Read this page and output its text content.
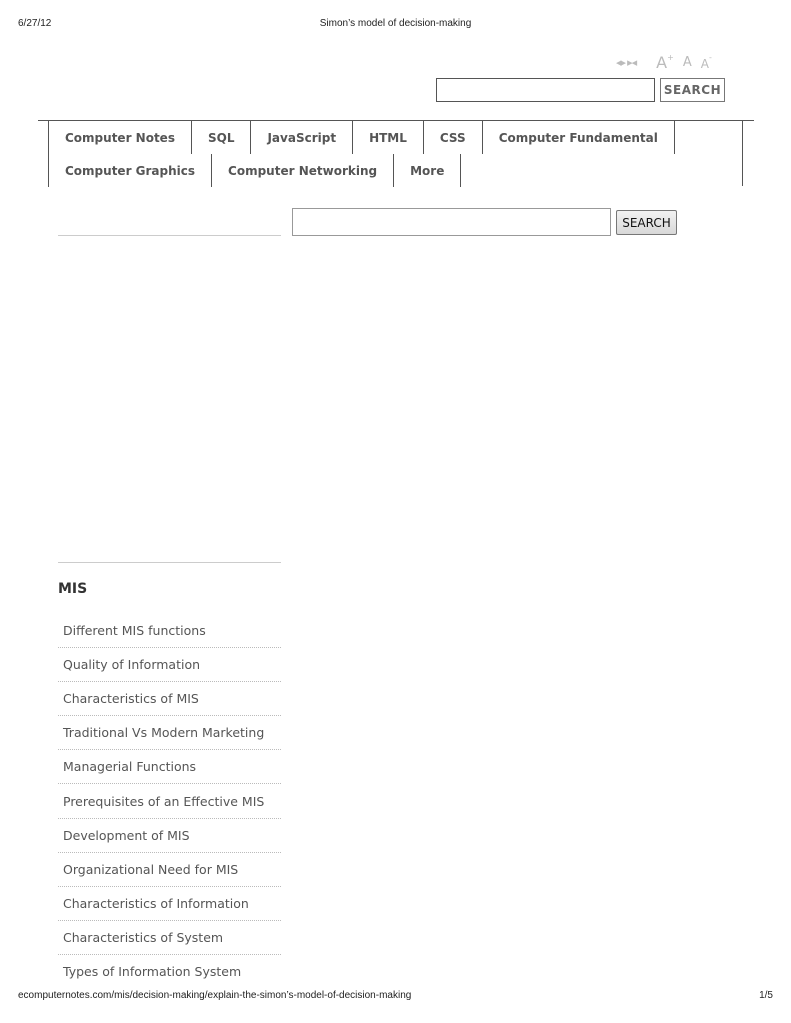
6/27/12	Simon’s model of decision-making
◂▸ ▸◂ A+ A A-
SEARCH
Computer Notes	SQL	JavaScript	HTML	CSS	Computer Fundamental
Computer Graphics	Computer Networking	More
SEARCH
MIS
Different MIS functions
Quality of Information
Characteristics of MIS
Traditional Vs Modern Marketing
Managerial Functions
Prerequisites of an Effective MIS
Development of MIS
Organizational Need for MIS
Characteristics of Information
Characteristics of System
Types of Information System
ecomputernotes.com/mis/decision-making/explain-the-simon’s-model-of-decision-making	1/5
